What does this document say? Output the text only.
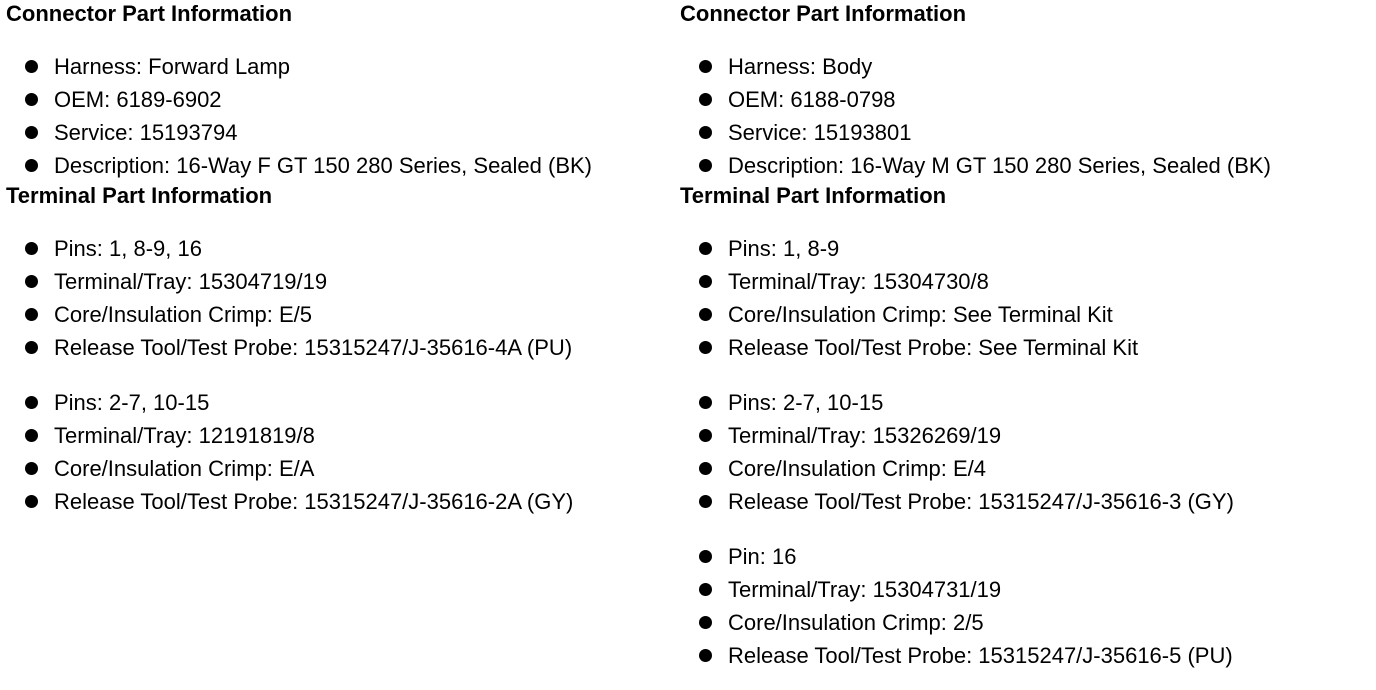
Connector Part Information
Harness: Forward Lamp
OEM: 6189-6902
Service: 15193794
Description: 16-Way F GT 150 280 Series, Sealed (BK)
Terminal Part Information
Pins: 1, 8-9, 16
Terminal/Tray: 15304719/19
Core/Insulation Crimp: E/5
Release Tool/Test Probe: 15315247/J-35616-4A (PU)
Pins: 2-7, 10-15
Terminal/Tray: 12191819/8
Core/Insulation Crimp: E/A
Release Tool/Test Probe: 15315247/J-35616-2A (GY)
Connector Part Information
Harness: Body
OEM: 6188-0798
Service: 15193801
Description: 16-Way M GT 150 280 Series, Sealed (BK)
Terminal Part Information
Pins: 1, 8-9
Terminal/Tray: 15304730/8
Core/Insulation Crimp: See Terminal Kit
Release Tool/Test Probe: See Terminal Kit
Pins: 2-7, 10-15
Terminal/Tray: 15326269/19
Core/Insulation Crimp: E/4
Release Tool/Test Probe: 15315247/J-35616-3 (GY)
Pin: 16
Terminal/Tray: 15304731/19
Core/Insulation Crimp: 2/5
Release Tool/Test Probe: 15315247/J-35616-5 (PU)
